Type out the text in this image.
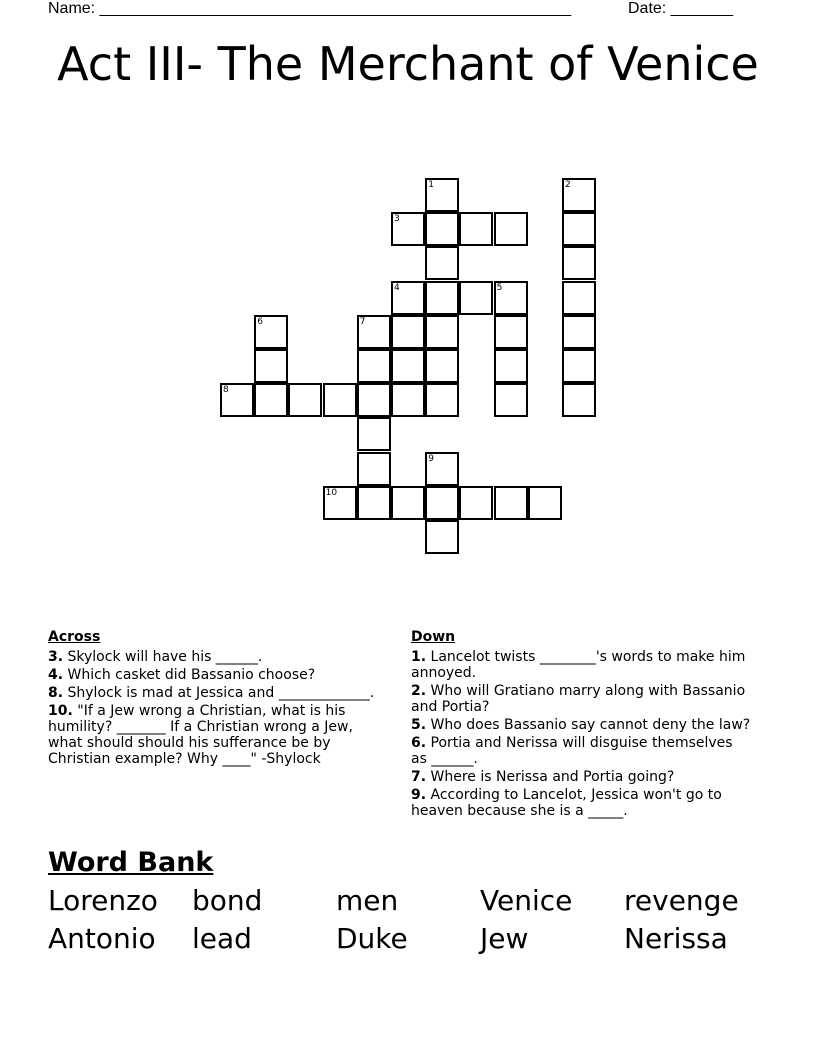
Name: _____________________________________________________

	Date: _______

Act III- The Merchant of Venice
1	2
3
4	5
6	7
8
9
10
Across
3. Skylock will have his ______.
4. Which casket did Bassanio choose?
8. Shylock is mad at Jessica and _____________.
10. "If a Jew wrong a Christian, what is his humility? _______ If a Christian wrong a Jew, what should should his sufferance be by Christian example? Why ____" -Shylock
Down
1. Lancelot twists ________'s words to make him annoyed.
2. Who will Gratiano marry along with Bassanio and Portia?
5. Who does Bassanio say cannot deny the law?
6. Portia and Nerissa will disguise themselves as ______.
7. Where is Nerissa and Portia going?
9. According to Lancelot, Jessica won't go to heaven because she is a _____.
Word Bank
Lorenzo bond	men	Venice revenge
Antonio lead	Duke	Jew	Nerissa
